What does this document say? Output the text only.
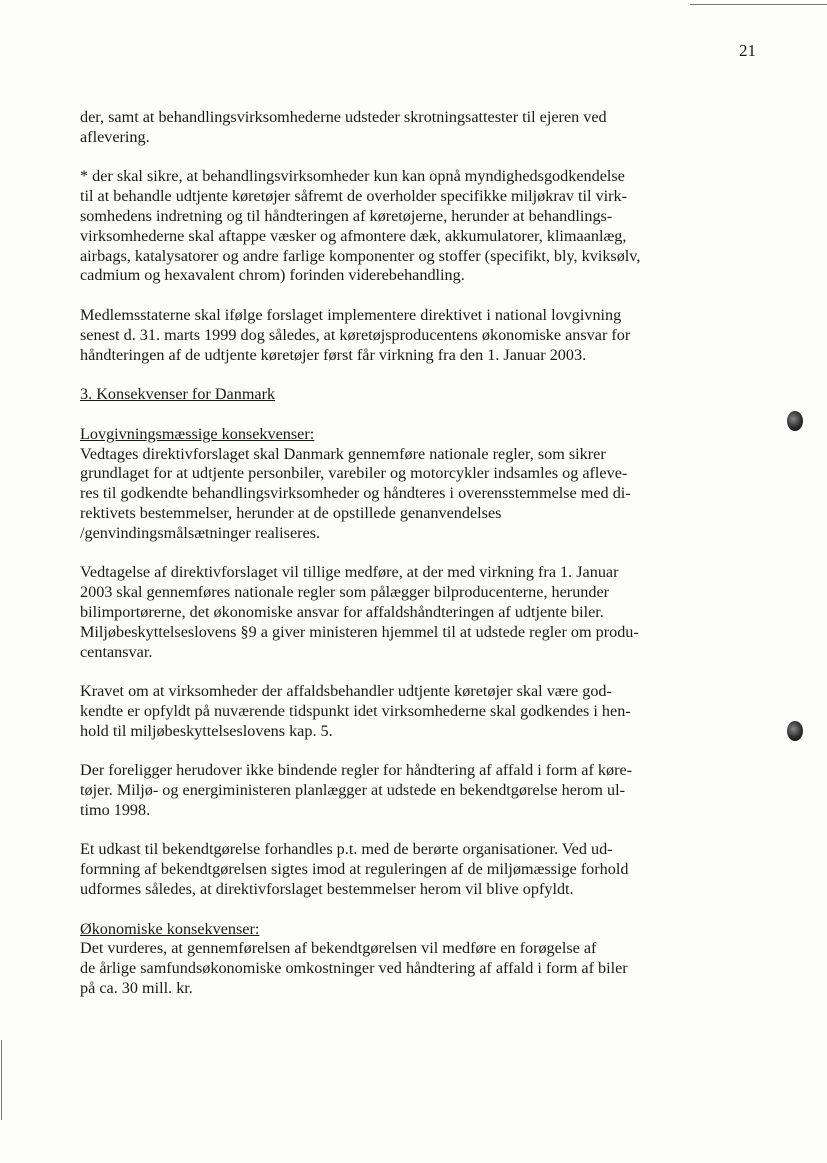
21

der, samt at behandlingsvirksomhederne udsteder skrotningsattester til ejeren ved
aflevering.

* der skal sikre, at behandlingsvirksomheder kun kan opnå myndighedsgodkendelse
til at behandle udtjente køretøjer såfremt de overholder specifikke miljøkrav til virk-
somhedens indretning og til håndteringen af køretøjerne, herunder at behandlings-
virksomhederne skal aftappe væsker og afmontere dæk, akkumulatorer, klimaanlæg,
airbags, katalysatorer og andre farlige komponenter og stoffer (specifikt, bly, kviksølv,
cadmium og hexavalent chrom) forinden viderebehandling.

Medlemsstaterne skal ifølge forslaget implementere direktivet i national lovgivning
senest d. 31. marts 1999 dog således, at køretøjsproducentens økonomiske ansvar for
håndteringen af de udtjente køretøjer først får virkning fra den 1. Januar 2003.

3. Konsekvenser for Danmark

Lovgivningsmæssige konsekvenser:

Vedtages direktivforslaget skal Danmark gennemføre nationale regler, som sikrer
grundlaget for at udtjente personbiler, varebiler og motorcykler indsamles og afleve-
res til godkendte behandlingsvirksomheder og håndteres i overensstemmelse med di-
rektivets bestemmelser, herunder at de opstillede genanvendelses
/genvindingsmålsætninger realiseres.

Vedtagelse af direktivforslaget vil tillige medføre, at der med virkning fra 1. Januar
2003 skal gennemføres nationale regler som pålægger bilproducenterne, herunder
bilimportørerne, det økonomiske ansvar for affaldshåndteringen af udtjente biler.
Miljøbeskyttelseslovens §9 a giver ministeren hjemmel til at udstede regler om produ-
centansvar.

Kravet om at virksomheder der affaldsbehandler udtjente køretøjer skal være god-
kendte er opfyldt på nuværende tidspunkt idet virksomhederne skal godkendes i hen-
hold til miljøbeskyttelseslovens kap. 5.

Der foreligger herudover ikke bindende regler for håndtering af affald i form af køre-
tøjer. Miljø- og energiministeren planlægger at udstede en bekendtgørelse herom ul-
timo 1998.

Et udkast til bekendtgørelse forhandles p.t. med de berørte organisationer. Ved ud-
formning af bekendtgørelsen sigtes imod at reguleringen af de miljømæssige forhold
udformes således, at direktivforslaget bestemmelser herom vil blive opfyldt.

Økonomiske konsekvenser:

Det vurderes, at gennemførelsen af bekendtgørelsen vil medføre en forøgelse af
de årlige samfundsøkonomiske omkostninger ved håndtering af affald i form af biler
på ca. 30 mill. kr.
